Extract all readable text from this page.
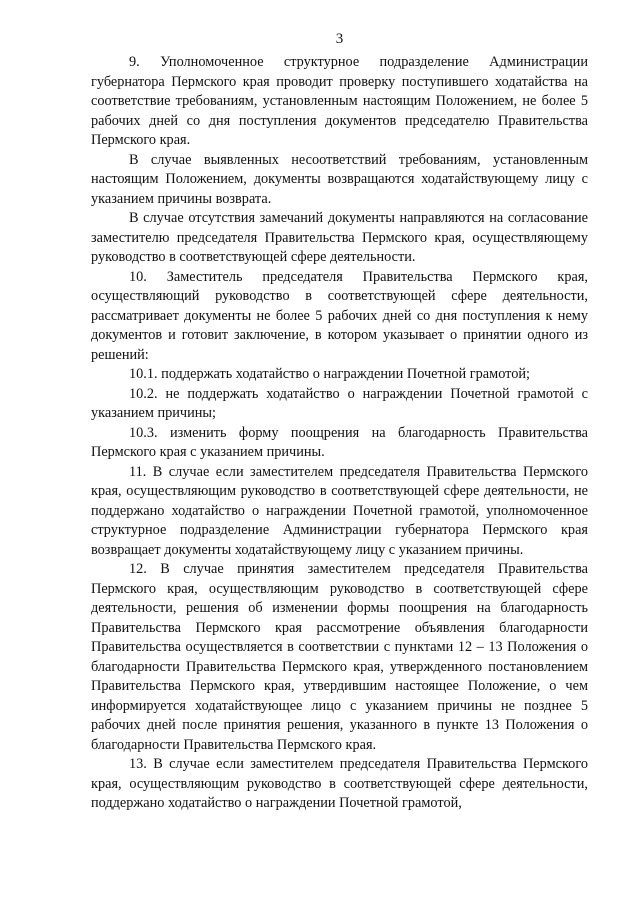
3

9. Уполномоченное структурное подразделение Администрации губернатора Пермского края проводит проверку поступившего ходатайства на соответствие требованиям, установленным настоящим Положением, не более 5 рабочих дней со дня поступления документов председателю Правительства Пермского края.

В случае выявленных несоответствий требованиям, установленным настоящим Положением, документы возвращаются ходатайствующему лицу с указанием причины возврата.

В случае отсутствия замечаний документы направляются на согласование заместителю председателя Правительства Пермского края, осуществляющему руководство в соответствующей сфере деятельности.

10. Заместитель председателя Правительства Пермского края, осуществляющий руководство в соответствующей сфере деятельности, рассматривает документы не более 5 рабочих дней со дня поступления к нему документов и готовит заключение, в котором указывает о принятии одного из решений:

10.1. поддержать ходатайство о награждении Почетной грамотой;

10.2. не поддержать ходатайство о награждении Почетной грамотой с указанием причины;

10.3. изменить форму поощрения на благодарность Правительства Пермского края с указанием причины.

11. В случае если заместителем председателя Правительства Пермского края, осуществляющим руководство в соответствующей сфере деятельности, не поддержано ходатайство о награждении Почетной грамотой, уполномоченное структурное подразделение Администрации губернатора Пермского края возвращает документы ходатайствующему лицу с указанием причины.

12. В случае принятия заместителем председателя Правительства Пермского края, осуществляющим руководство в соответствующей сфере деятельности, решения об изменении формы поощрения на благодарность Правительства Пермского края рассмотрение объявления благодарности Правительства осуществляется в соответствии с пунктами 12 – 13 Положения о благодарности Правительства Пермского края, утвержденного постановлением Правительства Пермского края, утвердившим настоящее Положение, о чем информируется ходатайствующее лицо с указанием причины не позднее 5 рабочих дней после принятия решения, указанного в пункте 13 Положения о благодарности Правительства Пермского края.

13. В случае если заместителем председателя Правительства Пермского края, осуществляющим руководство в соответствующей сфере деятельности, поддержано ходатайство о награждении Почетной грамотой,
